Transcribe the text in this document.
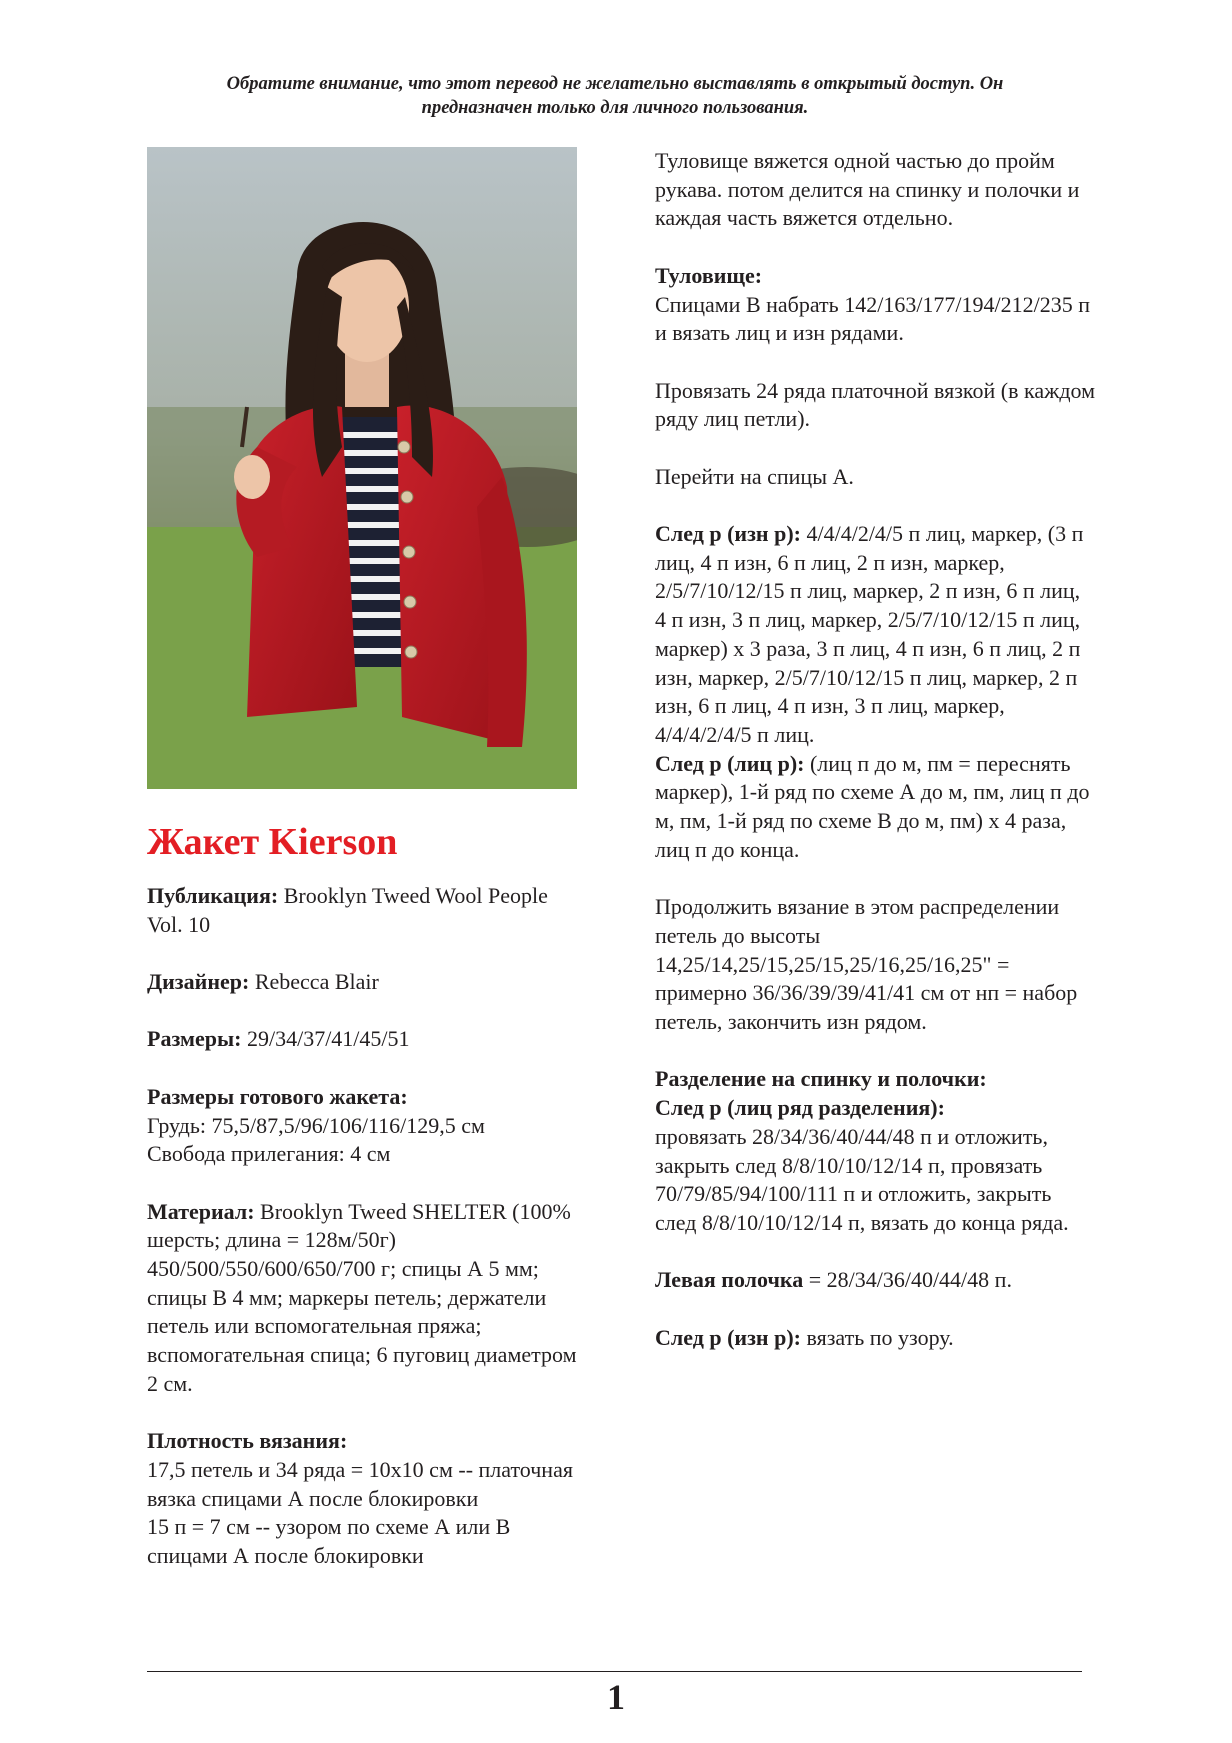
Обратите внимание, что этот перевод не желательно выставлять в открытый доступ. Он
предназначен только для личного пользования.
Жакет Kierson
Публикация: Brooklyn Tweed Wool People Vol. 10
Дизайнер: Rebecca Blair
Размеры: 29/34/37/41/45/51
Размеры готового жакета:
Грудь: 75,5/87,5/96/106/116/129,5 см
Свобода прилегания: 4 см
Материал: Brooklyn Tweed SHELTER (100% шерсть; длина = 128м/50г) 450/500/550/600/650/700 г; спицы А 5 мм; спицы В 4 мм; маркеры петель; держатели петель или вспомогательная пряжа; вспомогательная спица; 6 пуговиц диаметром 2 см.
Плотность вязания:
17,5 петель и 34 ряда = 10х10 см -- платочная вязка спицами А после блокировки
15 п = 7 см -- узором по схеме А или В спицами А после блокировки
Туловище вяжется одной частью до пройм рукава. потом делится на спинку и полочки и каждая часть вяжется отдельно.
Туловище:
Спицами В набрать 142/163/177/194/212/235 п и вязать лиц и изн рядами.
Провязать 24 ряда платочной вязкой (в каждом ряду лиц петли).
Перейти на спицы А.
След р (изн р): 4/4/4/2/4/5 п лиц, маркер, (3 п лиц, 4 п изн, 6 п лиц, 2 п изн, маркер, 2/5/7/10/12/15 п лиц, маркер, 2 п изн, 6 п лиц, 4 п изн, 3 п лиц, маркер, 2/5/7/10/12/15 п лиц, маркер) х 3 раза, 3 п лиц, 4 п изн, 6 п лиц, 2 п изн, маркер, 2/5/7/10/12/15 п лиц, маркер, 2 п изн, 6 п лиц, 4 п изн, 3 п лиц, маркер, 4/4/4/2/4/5 п лиц.
След р (лиц р): (лиц п до м, пм = переснять маркер), 1-й ряд по схеме А до м, пм, лиц п до м, пм, 1-й ряд по схеме В до м, пм) х 4 раза, лиц п до конца.
Продолжить вязание в этом распределении петель до высоты 14,25/14,25/15,25/15,25/16,25/16,25" = примерно 36/36/39/39/41/41 см от нп = набор петель, закончить изн рядом.
Разделение на спинку и полочки:
След р (лиц ряд разделения):
провязать 28/34/36/40/44/48 п и отложить, закрыть след 8/8/10/10/12/14 п, провязать 70/79/85/94/100/111 п и отложить, закрыть след 8/8/10/10/12/14 п, вязать до конца ряда.
Левая полочка = 28/34/36/40/44/48 п.
След р (изн р): вязать по узору.
1
